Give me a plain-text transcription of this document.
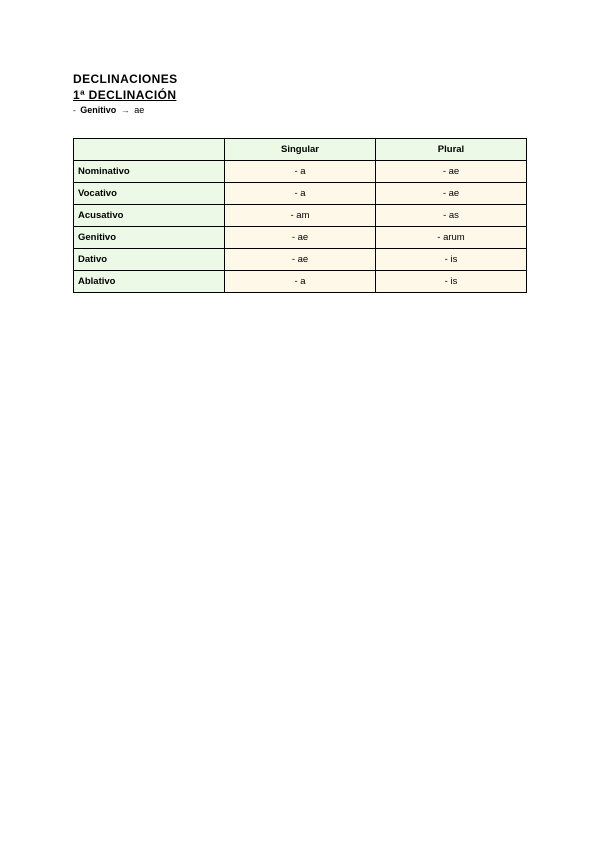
DECLINACIONES

1ª DECLINACIÓN

- Genitivo → ae

	Singular	Plural
Nominativo	- a	- ae
Vocativo	- a	- ae
Acusativo	- am	- as
Genitivo	- ae	- arum
Dativo	- ae	- is
Ablativo	- a	- is
